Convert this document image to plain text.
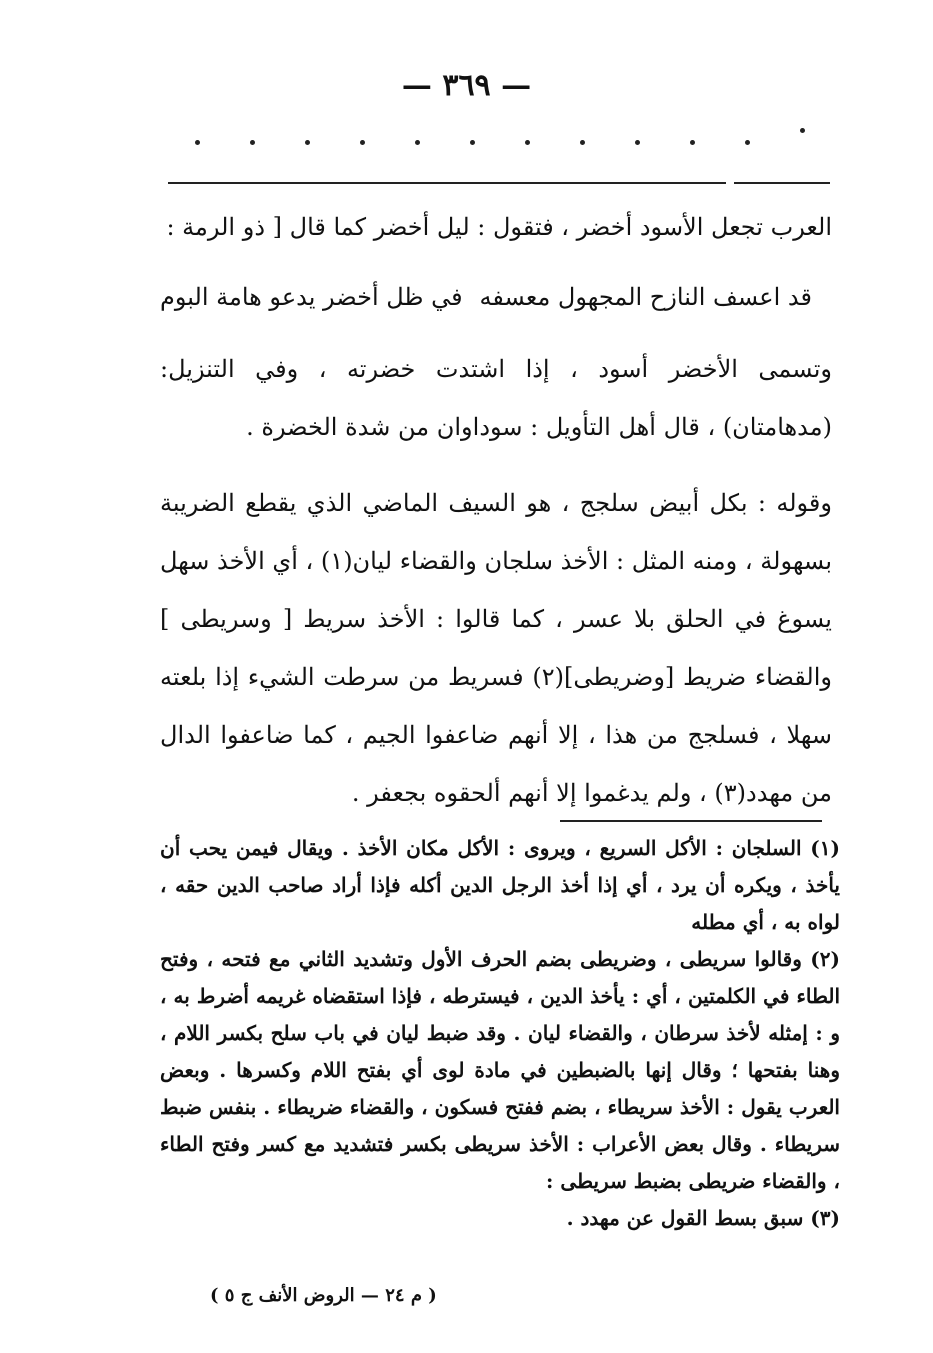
— ٣٦٩ —

العرب تجعل الأسود أخضر ، فتقول : ليل أخضر كما قال [ ذو الرمة :

قد اعسف النازح المجهول معسفه
في ظل أخضر يدعو هامة البوم

وتسمى الأخضر أسود ، إذا اشتدت خضرته ، وفي التنزيل: (مدهامتان) ، قال أهل التأويل : سوداوان من شدة الخضرة .

وقوله : بكل أبيض سلجج ، هو السيف الماضي الذي يقطع الضريبة بسهولة ، ومنه المثل : الأخذ سلجان والقضاء ليان(١) ، أي الأخذ سهل يسوغ في الحلق بلا عسر ، كما قالوا : الأخذ سريط [ وسريطى ] والقضاء ضريط [وضريطى](٢) فسريط من سرطت الشيء إذا بلعته سهلا ، فسلجج من هذا ، إلا أنهم ضاعفوا الجيم ، كما ضاعفوا الدال من مهدد(٣) ، ولم يدغموا إلا أنهم ألحقوه بجعفر .

(١) السلجان : الأكل السريع ، ويروى : الأكل مكان الأخذ . ويقال فيمن يحب أن يأخذ ، ويكره أن يرد ، أي إذا أخذ الرجل الدين أكله فإذا أراد صاحب الدين حقه ، لواه به ، أي مطله

(٢) وقالوا سريطى ، وضريطى بضم الحرف الأول وتشديد الثاني مع فتحه ، وفتح الطاء في الكلمتين ، أي : يأخذ الدين ، فيسترطه ، فإذا استقضاه غريمه أضرط به ، و : إمثله لأخذ سرطان ، والقضاء ليان . وقد ضبط ليان في باب سلح بكسر اللام ، وهنا بفتحها ؛ وقال إنها بالضبطين في مادة لوى أي بفتح اللام وكسرها . وبعض العرب يقول : الأخذ سريطاء ، بضم ففتح فسكون ، والقضاء ضريطاء . بنفس ضبط سريطاء . وقال بعض الأعراب : الأخذ سريطى بكسر فتشديد مع كسر وفتح الطاء ، والقضاء ضريطى بضبط سريطى :

(٣) سبق بسط القول عن مهدد .

( م ٢٤ — الروض الأنف ج ٥ )
